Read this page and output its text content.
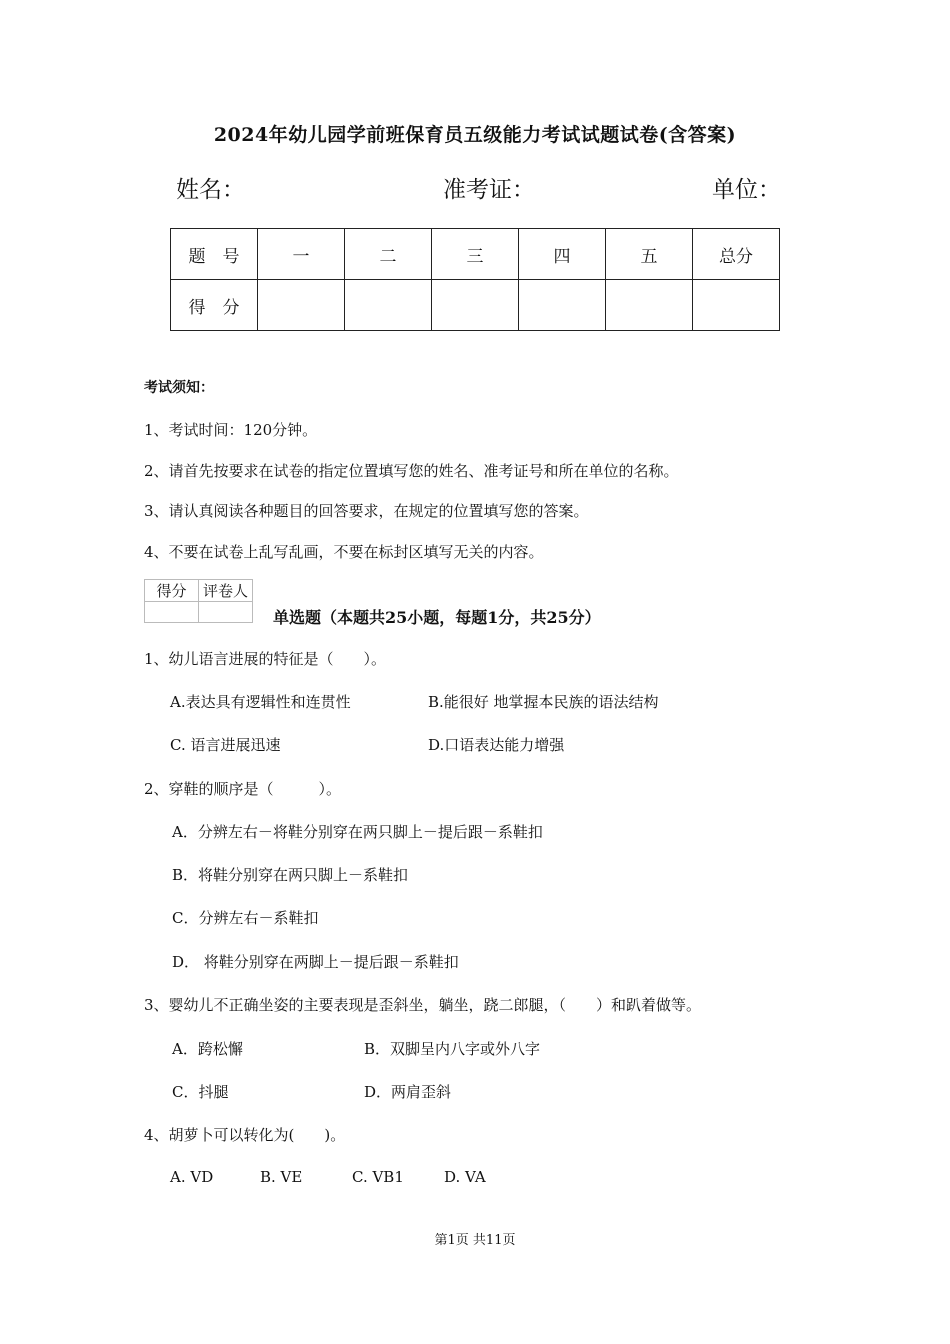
2024年幼儿园学前班保育员五级能力考试试题试卷(含答案)
姓名：	准考证：	单位：
题　号	一	二	三	四	五	总分
得　分						
考试须知：
1、考试时间：120分钟。
2、请首先按要求在试卷的指定位置填写您的姓名、准考证号和所在单位的名称。
3、请认真阅读各种题目的回答要求，在规定的位置填写您的答案。
4、不要在试卷上乱写乱画，不要在标封区填写无关的内容。
得分	评卷人

单选题（本题共25小题，每题1分，共25分）
1、幼儿语言进展的特征是（　　）。
A.表达具有逻辑性和连贯性	B.能很好 地掌握本民族的语法结构
C. 语言进展迅速	D.口语表达能力增强
2、穿鞋的顺序是（　　　）。
A．分辨左右－将鞋分别穿在两只脚上－提后跟－系鞋扣
B．将鞋分别穿在两只脚上－系鞋扣
C．分辨左右－系鞋扣
D． 将鞋分别穿在两脚上－提后跟－系鞋扣
3、婴幼儿不正确坐姿的主要表现是歪斜坐，躺坐，跷二郎腿，（　　）和趴着做等。
A．跨松懈	B．双脚呈内八字或外八字
C．抖腿	D．两肩歪斜
4、胡萝卜可以转化为(　　)。
A. VD	B. VE	C. VB1	D. VA
第1页 共11页
